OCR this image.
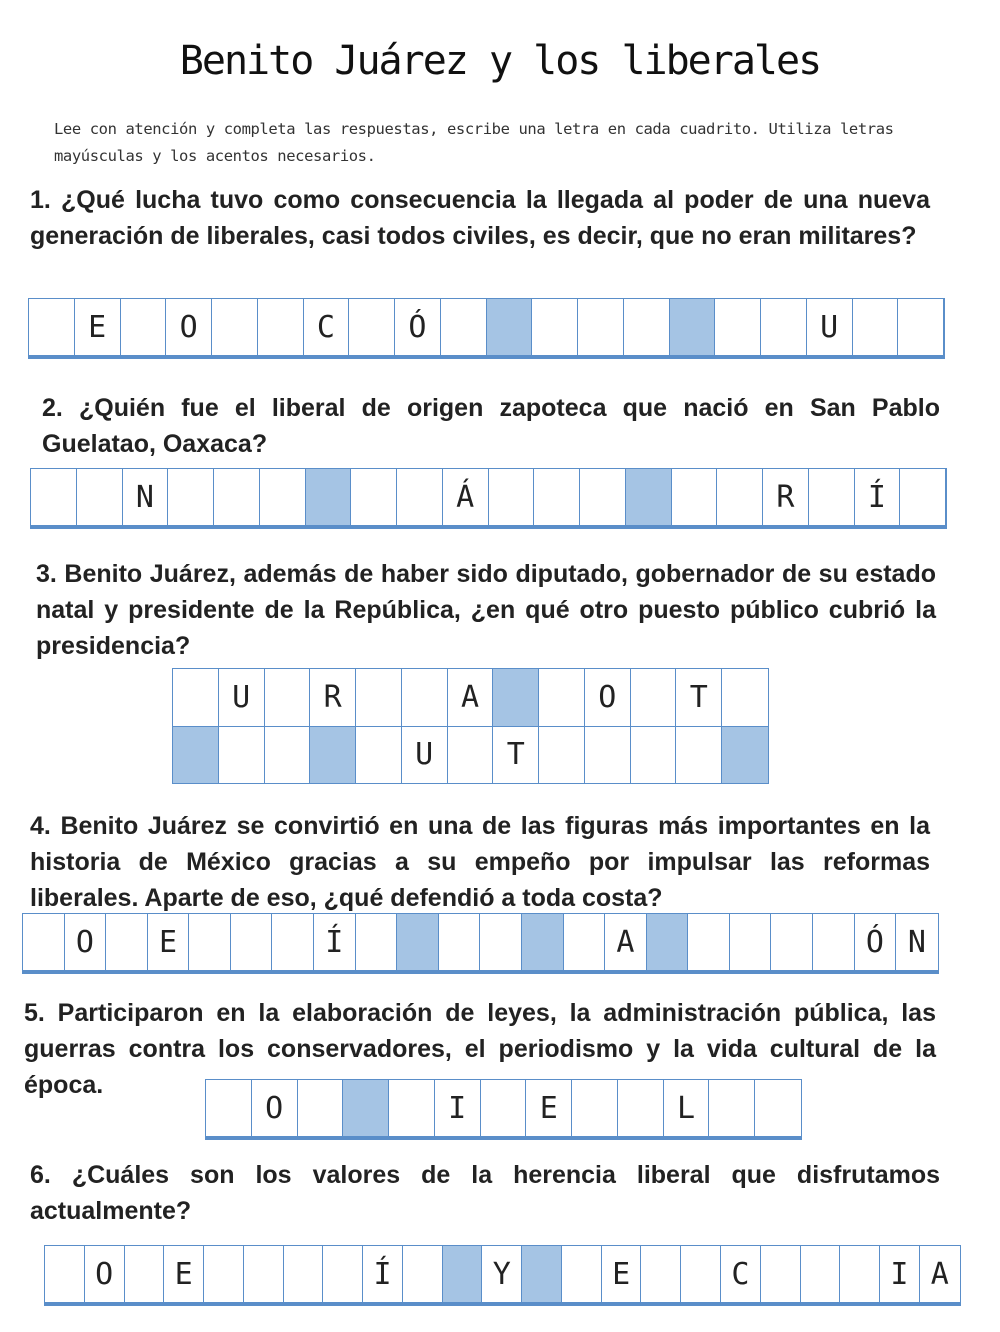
Benito Juárez y los liberales
Lee con atención y completa las respuestas, escribe una letra en cada cuadrito. Utiliza letras mayúsculas y los acentos necesarios.
1. ¿Qué lucha tuvo como consecuencia la llegada al poder de una nueva generación de liberales, casi todos civiles, es decir, que no eran militares?
E	O	C	Ó	U
2. ¿Quién fue el liberal de origen zapoteca que nació en San Pablo Guelatao, Oaxaca?
N	Á	R	Í
3. Benito Juárez, además de haber sido diputado, gobernador de su estado natal y presidente de la República, ¿en qué otro puesto público cubrió la presidencia?
U	R	A	O	T
U	T
4. Benito Juárez se convirtió en una de las figuras más importantes en la historia de México gracias a su empeño por impulsar las reformas liberales. Aparte de eso, ¿qué defendió a toda costa?
O	E	Í	A	Ó N
5. Participaron en la elaboración de leyes, la administración pública, las guerras contra los conservadores, el periodismo y la vida cultural de la época.
O	I	E	L
6. ¿Cuáles son los valores de la herencia liberal que disfrutamos actualmente?
O	E	Í	Y	E	C	I A
